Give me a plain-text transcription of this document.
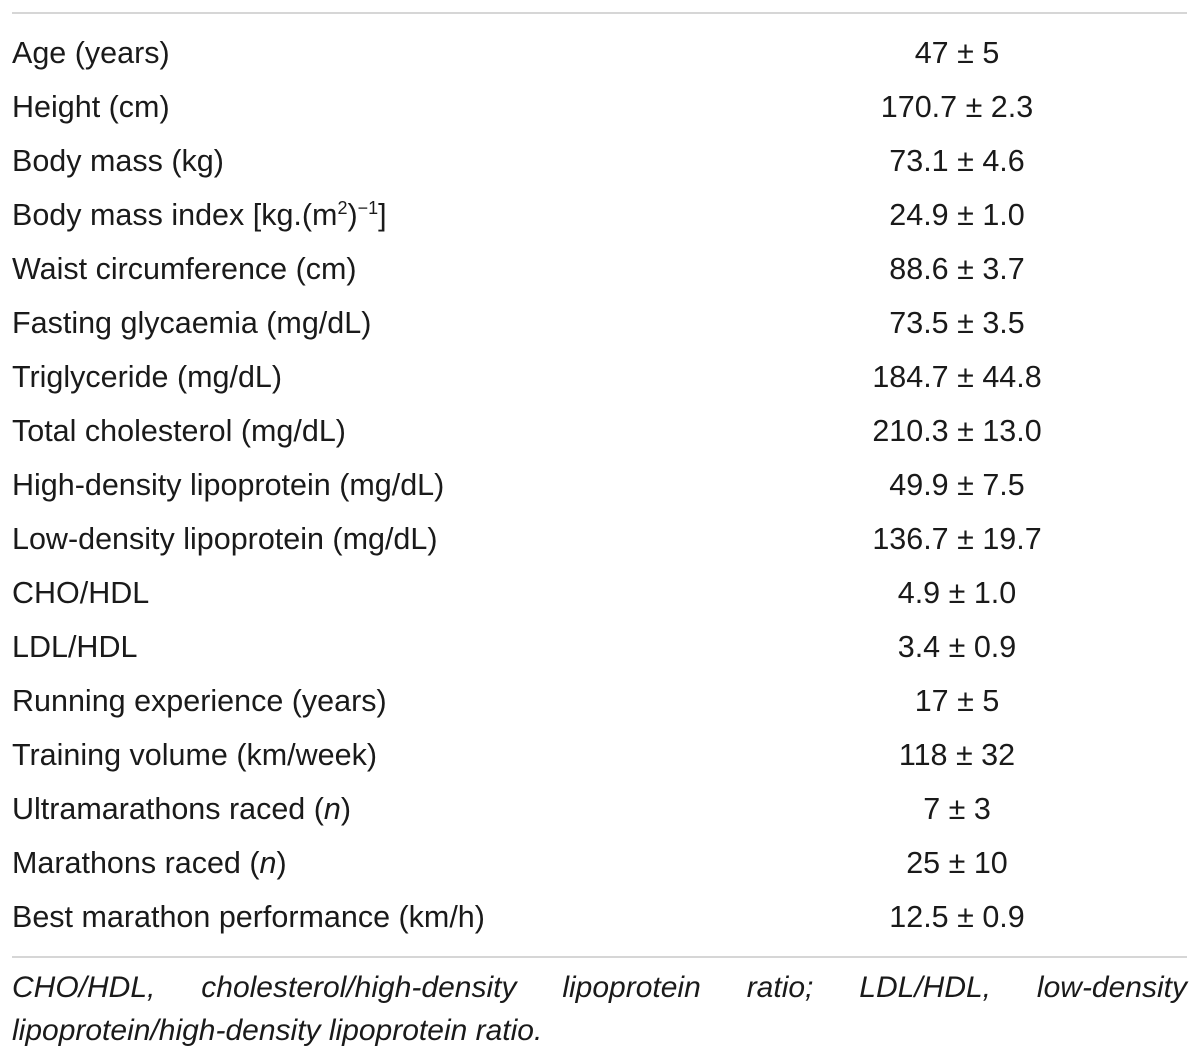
Age (years)	47 ± 5
Height (cm)	170.7 ± 2.3
Body mass (kg)	73.1 ± 4.6
Body mass index $[kg.(m^2)^{-1}]$	24.9 ± 1.0
Waist circumference (cm)	88.6 ± 3.7
Fasting glycaemia (mg/dL)	73.5 ± 3.5
Triglyceride (mg/dL)	184.7 ± 44.8
Total cholesterol (mg/dL)	210.3 ± 13.0
High-density lipoprotein (mg/dL)	49.9 ± 7.5
Low-density lipoprotein (mg/dL)	136.7 ± 19.7
CHO/HDL	4.9 ± 1.0
LDL/HDL	3.4 ± 0.9
Running experience (years)	17 ± 5
Training volume (km/week)	118 ± 32
Ultramarathons raced (n)	7 ± 3
Marathons raced (n)	25 ± 10
Best marathon performance (km/h)	12.5 ± 0.9
CHO/HDL, cholesterol/high-density lipoprotein ratio; LDL/HDL, low-density lipoprotein/high-density lipoprotein ratio.
